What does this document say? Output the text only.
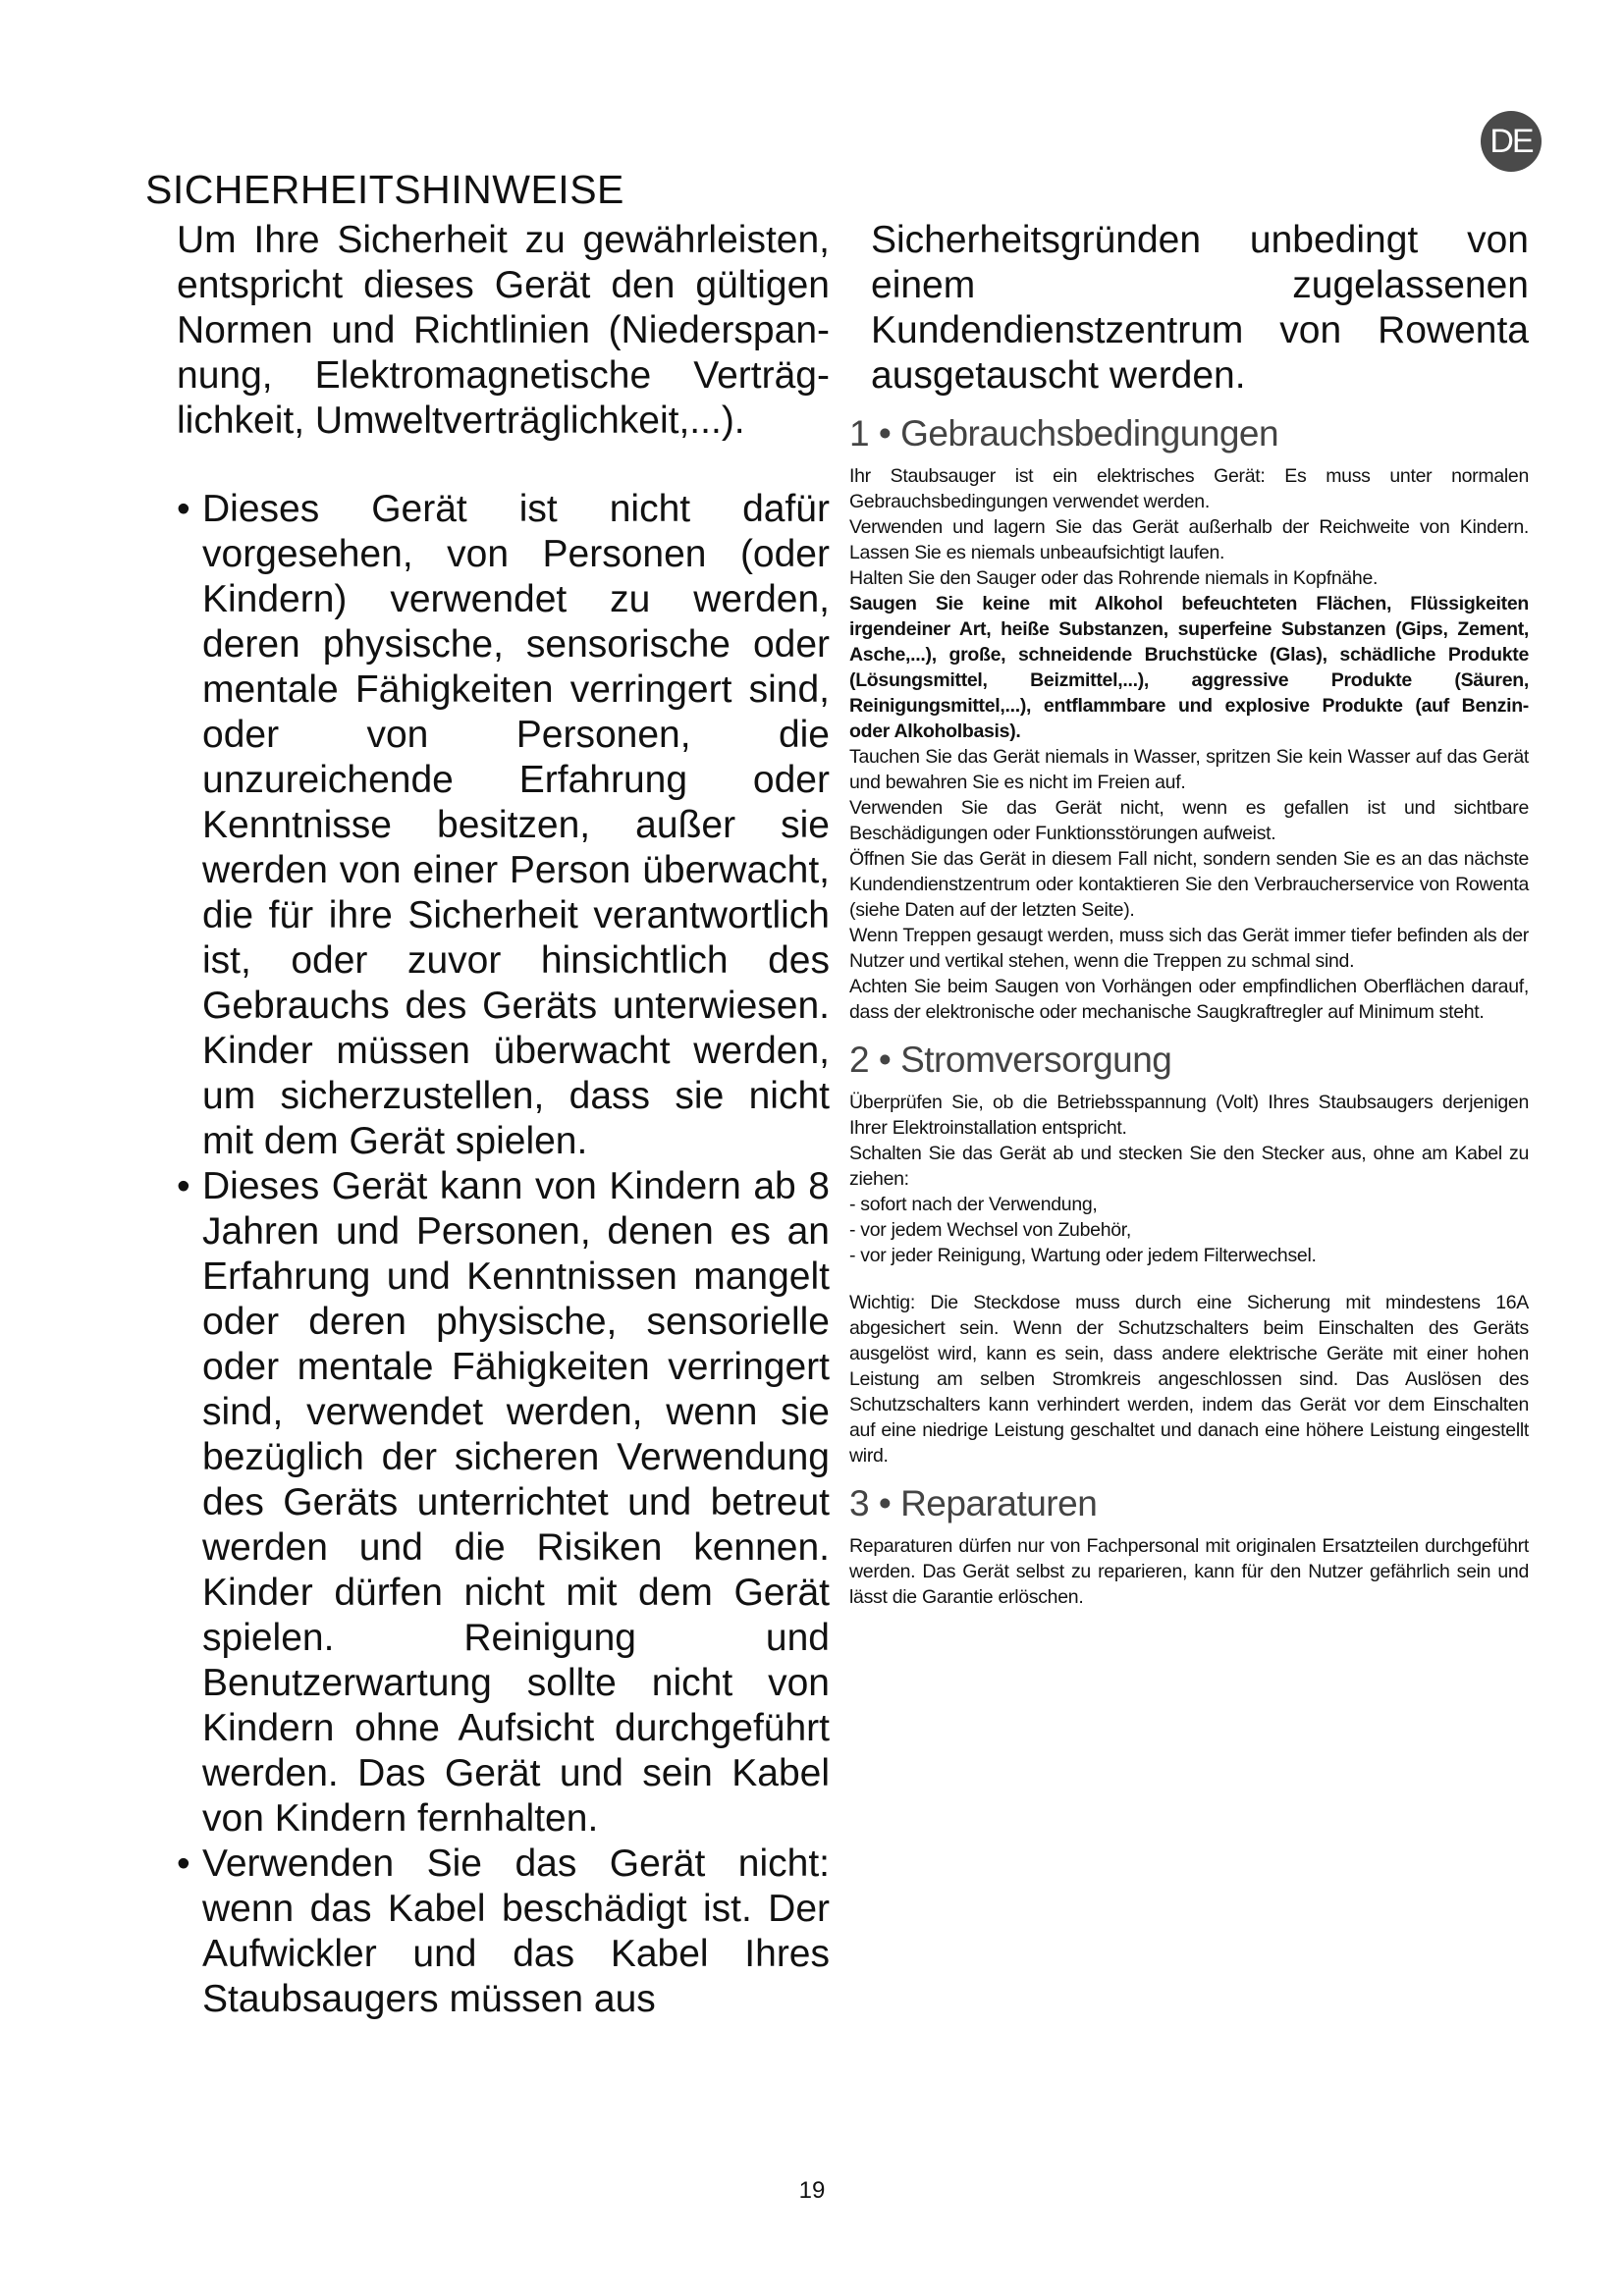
DE
SICHERHEITSHINWEISE

Um Ihre Sicherheit zu gewährleisten, entspricht dieses Gerät den gültigen Normen und Richtlinien (Niederspan-nung, Elektromagnetische Verträg-lichkeit, Umweltverträglichkeit,...).

• Dieses Gerät ist nicht dafür vorgesehen, von Personen (oder Kindern) verwendet zu werden, deren physische, sensorische oder mentale Fähigkeiten verringert sind, oder von Personen, die unzureichende Erfahrung oder Kenntnisse besitzen, außer sie werden von einer Person überwacht, die für ihre Sicherheit verantwortlich ist, oder zuvor hinsichtlich des Gebrauchs des Geräts unterwiesen. Kinder müssen überwacht werden, um sicherzustellen, dass sie nicht mit dem Gerät spielen.
• Dieses Gerät kann von Kindern ab 8 Jahren und Personen, denen es an Erfahrung und Kenntnissen mangelt oder deren physische, sensorielle oder mentale Fähigkeiten verringert sind, verwendet werden, wenn sie bezüglich der sicheren Verwendung des Geräts unterrichtet und betreut werden und die Risiken kennen. Kinder dürfen nicht mit dem Gerät spielen. Reinigung und Benutzerwartung sollte nicht von Kindern ohne Aufsicht durchgeführt werden. Das Gerät und sein Kabel von Kindern fernhalten.
• Verwenden Sie das Gerät nicht: wenn das Kabel beschädigt ist. Der Aufwickler und das Kabel Ihres Staubsaugers müssen aus

Sicherheitsgründen unbedingt von einem zugelassenen Kundendienstzentrum von Rowenta ausgetauscht werden.

1 • Gebrauchsbedingungen

Ihr Staubsauger ist ein elektrisches Gerät: Es muss unter normalen Gebrauchsbedingungen verwendet werden.

Verwenden und lagern Sie das Gerät außerhalb der Reichweite von Kindern. Lassen Sie es niemals unbeaufsichtigt laufen.

Halten Sie den Sauger oder das Rohrende niemals in Kopfnähe.

Saugen Sie keine mit Alkohol befeuchteten Flächen, Flüssigkeiten irgendeiner Art, heiße Substanzen, superfeine Substanzen (Gips, Zement, Asche,...), große, schneidende Bruchstücke (Glas), schädliche Produkte (Lösungsmittel, Beizmittel,...), aggressive Produkte (Säuren, Reinigungsmittel,...), entflammbare und explosive Produkte (auf Benzin- oder Alkoholbasis).

Tauchen Sie das Gerät niemals in Wasser, spritzen Sie kein Wasser auf das Gerät und bewahren Sie es nicht im Freien auf.

Verwenden Sie das Gerät nicht, wenn es gefallen ist und sichtbare Beschädigungen oder Funktionsstörungen aufweist.

Öffnen Sie das Gerät in diesem Fall nicht, sondern senden Sie es an das nächste Kundendienstzentrum oder kontaktieren Sie den Verbraucherservice von Rowenta (siehe Daten auf der letzten Seite).

Wenn Treppen gesaugt werden, muss sich das Gerät immer tiefer befinden als der Nutzer und vertikal stehen, wenn die Treppen zu schmal sind.

Achten Sie beim Saugen von Vorhängen oder empfindlichen Oberflächen darauf, dass der elektronische oder mechanische Saugkraftregler auf Minimum steht.

2 • Stromversorgung

Überprüfen Sie, ob die Betriebsspannung (Volt) Ihres Staubsaugers derjenigen Ihrer Elektroinstallation entspricht.

Schalten Sie das Gerät ab und stecken Sie den Stecker aus, ohne am Kabel zu ziehen:

- sofort nach der Verwendung,

- vor jedem Wechsel von Zubehör,

- vor jeder Reinigung, Wartung oder jedem Filterwechsel.

Wichtig: Die Steckdose muss durch eine Sicherung mit mindestens 16A abgesichert sein. Wenn der Schutzschalters beim Einschalten des Geräts ausgelöst wird, kann es sein, dass andere elektrische Geräte mit einer hohen Leistung am selben Stromkreis angeschlossen sind. Das Auslösen des Schutzschalters kann verhindert werden, indem das Gerät vor dem Einschalten auf eine niedrige Leistung geschaltet und danach eine höhere Leistung eingestellt wird.

3 • Reparaturen

Reparaturen dürfen nur von Fachpersonal mit originalen Ersatzteilen durchgeführt werden. Das Gerät selbst zu reparieren, kann für den Nutzer gefährlich sein und lässt die Garantie erlöschen.

19
